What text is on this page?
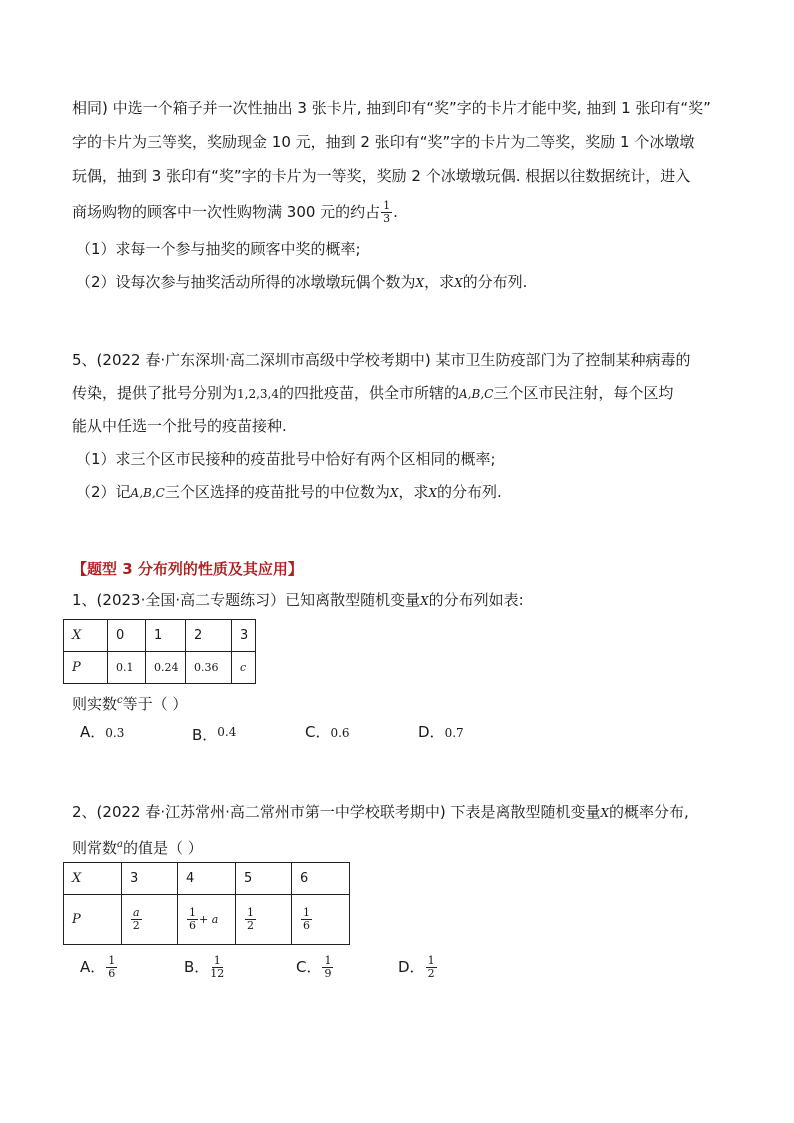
相同) 中选一个箱子并一次性抽出 3 张卡片, 抽到印有“奖”字的卡片才能中奖, 抽到 1 张印有“奖”
字的卡片为三等奖，奖励现金 10 元，抽到 2 张印有“奖”字的卡片为二等奖，奖励 1 个冰墩墩
玩偶，抽到 3 张印有“奖”字的卡片为一等奖，奖励 2 个冰墩墩玩偶. 根据以往数据统计，进入
商场购物的顾客中一次性购物满 300 元的约占 $\frac{1}{3}$ .
（1）求每一个参与抽奖的顾客中奖的概率;
（2）设每次参与抽奖活动所得的冰墩墩玩偶个数为X，求X的分布列.
5、(2022 春·广东深圳·高二深圳市高级中学校考期中) 某市卫生防疫部门为了控制某种病毒的
传染，提供了批号分别为1,2,3,4的四批疫苗，供全市所辖的A,B,C三个区市民注射，每个区均
能从中任选一个批号的疫苗接种.
（1）求三个区市民接种的疫苗批号中恰好有两个区相同的概率;
（2）记A,B,C三个区选择的疫苗批号的中位数为X，求X的分布列.
【题型 3 分布列的性质及其应用】
1、(2023·全国·高二专题练习）已知离散型随机变量X的分布列如表:
X	0	1	2	3
P	0.1	0.24	0.36	c
则实数$^c$等于（ ）
A．0.3	B．$^{0.4}$	C．0.6	D．0.7
2、(2022 春·江苏常州·高二常州市第一中学校联考期中) 下表是离散型随机变量X的概率分布,
则常数$^a$的值是（ ）
X	3	4	5	6
P	$\frac{a}{2}$	$\frac{1}{6} + a$	$\frac{1}{2}$	$\frac{1}{6}$
A． $\frac{1}{6}$	B． $\frac{1}{12}$	C． $\frac{1}{9}$	D． $\frac{1}{2}$
